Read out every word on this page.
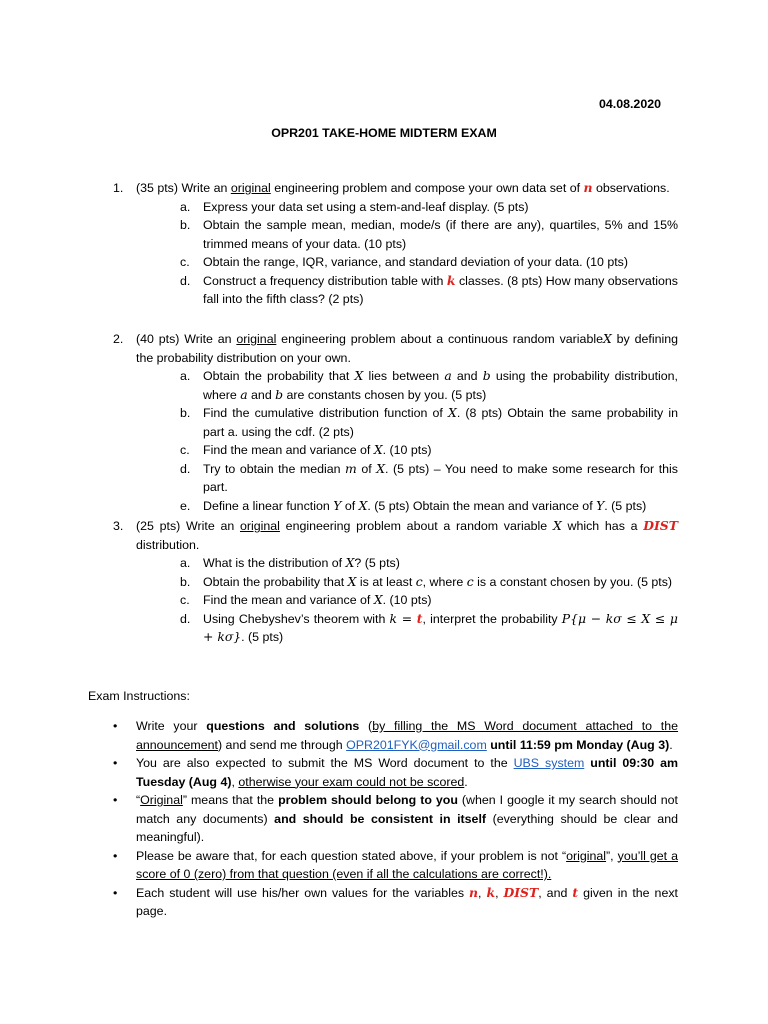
04.08.2020
OPR201 TAKE-HOME MIDTERM EXAM
1. (35 pts) Write an original engineering problem and compose your own data set of n observations.
a. Express your data set using a stem-and-leaf display. (5 pts)
b. Obtain the sample mean, median, mode/s (if there are any), quartiles, 5% and 15% trimmed means of your data. (10 pts)
c. Obtain the range, IQR, variance, and standard deviation of your data. (10 pts)
d. Construct a frequency distribution table with k classes. (8 pts) How many observations fall into the fifth class? (2 pts)
2. (40 pts) Write an original engineering problem about a continuous random variableX by defining the probability distribution on your own.
a. Obtain the probability that X lies between a and b using the probability distribution, where a and b are constants chosen by you. (5 pts)
b. Find the cumulative distribution function of X. (8 pts) Obtain the same probability in part a. using the cdf. (2 pts)
c. Find the mean and variance of X. (10 pts)
d. Try to obtain the median m of X. (5 pts) – You need to make some research for this part.
e. Define a linear function Y of X. (5 pts) Obtain the mean and variance of Y. (5 pts)
3. (25 pts) Write an original engineering problem about a random variable X which has a DIST distribution.
a. What is the distribution of X? (5 pts)
b. Obtain the probability that X is at least c, where c is a constant chosen by you. (5 pts)
c. Find the mean and variance of X. (10 pts)
d. Using Chebyshev’s theorem with k = t, interpret the probability P{μ − kσ ≤ X ≤ μ + kσ}. (5 pts)
Exam Instructions:
• Write your questions and solutions (by filling the MS Word document attached to the announcement) and send me through OPR201FYK@gmail.com until 11:59 pm Monday (Aug 3).
• You are also expected to submit the MS Word document to the UBS system until 09:30 am Tuesday (Aug 4), otherwise your exam could not be scored.
• “Original” means that the problem should belong to you (when I google it my search should not match any documents) and should be consistent in itself (everything should be clear and meaningful).
• Please be aware that, for each question stated above, if your problem is not “original”, you’ll get a score of 0 (zero) from that question (even if all the calculations are correct!).
• Each student will use his/her own values for the variables n, k, DIST, and t given in the next page.
